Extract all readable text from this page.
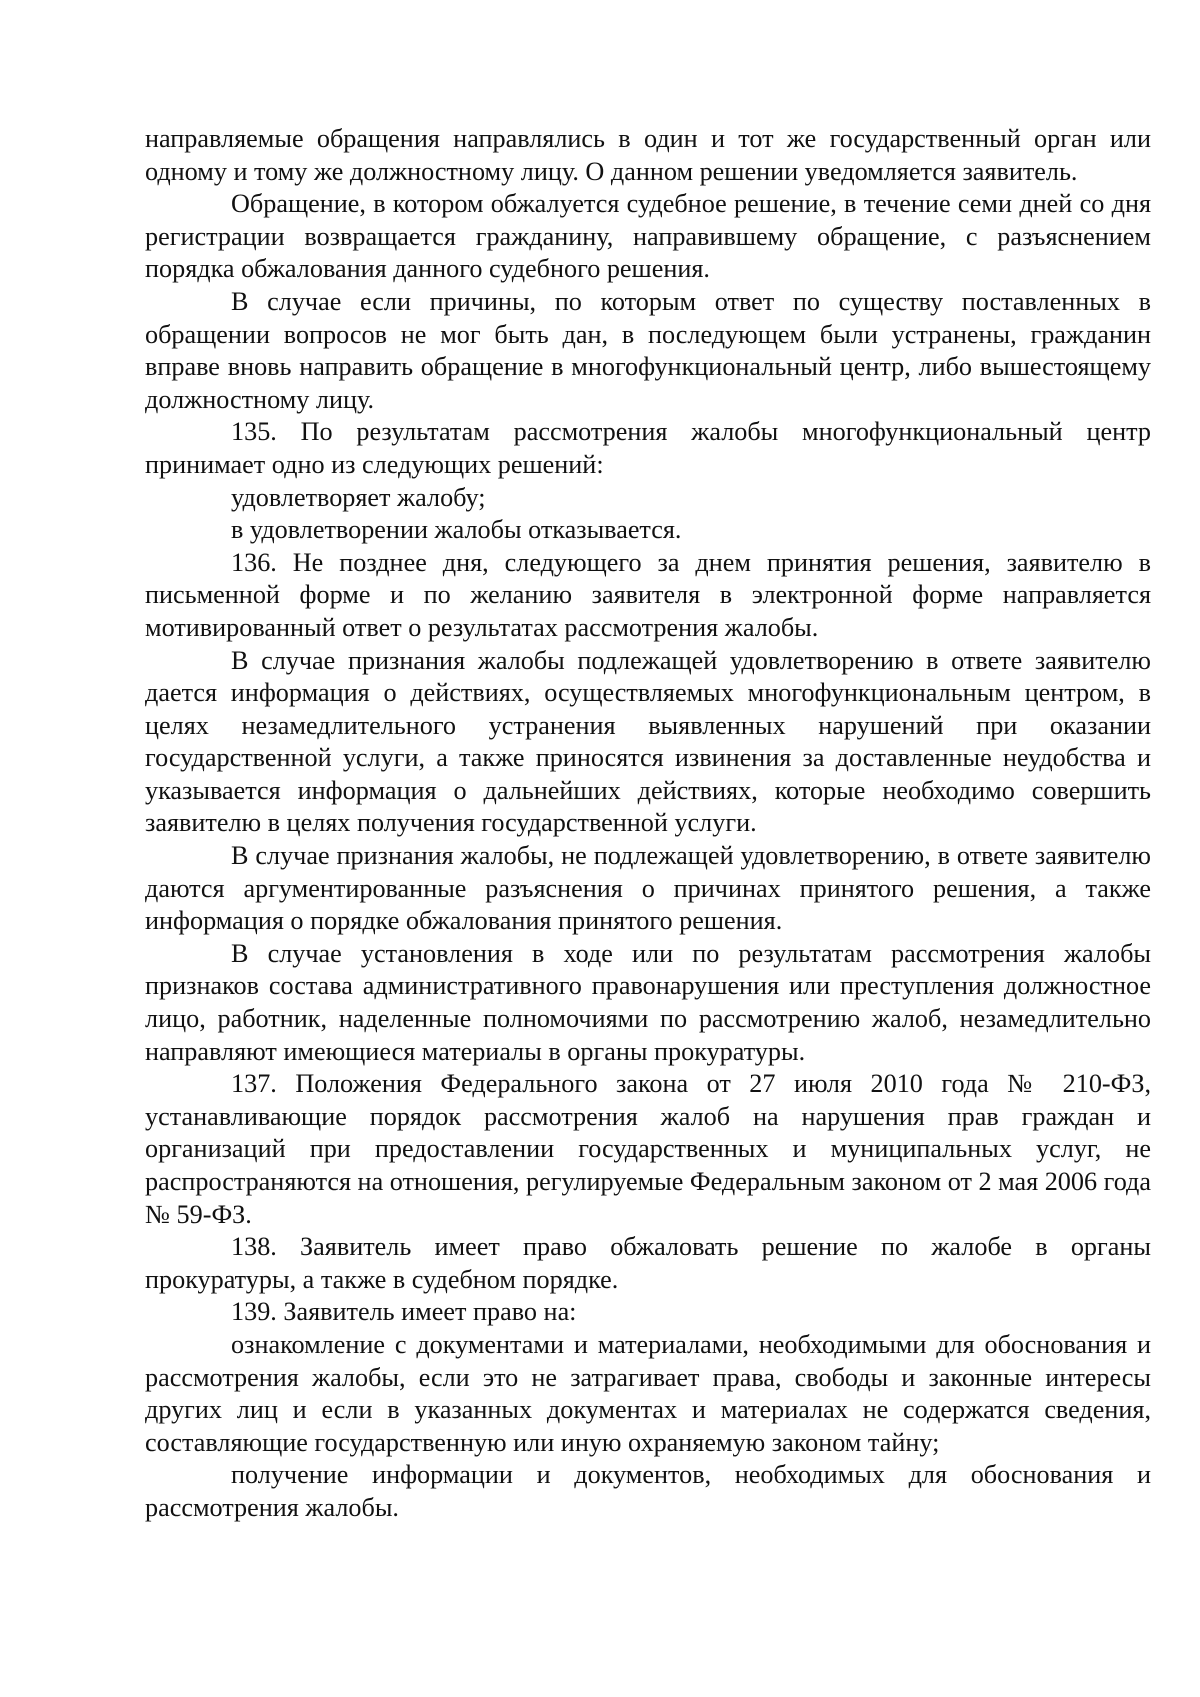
направляемые обращения направлялись в один и тот же государственный орган или одному и тому же должностному лицу. О данном решении уведомляется заявитель.

Обращение, в котором обжалуется судебное решение, в течение семи дней со дня регистрации возвращается гражданину, направившему обращение, с разъяснением порядка обжалования данного судебного решения.

В случае если причины, по которым ответ по существу поставленных в обращении вопросов не мог быть дан, в последующем были устранены, гражданин вправе вновь направить обращение в многофункциональный центр, либо вышестоящему должностному лицу.

135. По результатам рассмотрения жалобы многофункциональный центр принимает одно из следующих решений:

удовлетворяет жалобу;

в удовлетворении жалобы отказывается.

136. Не позднее дня, следующего за днем принятия решения, заявителю в письменной форме и по желанию заявителя в электронной форме направляется мотивированный ответ о результатах рассмотрения жалобы.

В случае признания жалобы подлежащей удовлетворению в ответе заявителю дается информация о действиях, осуществляемых многофункциональным центром, в целях незамедлительного устранения выявленных нарушений при оказании государственной услуги, а также приносятся извинения за доставленные неудобства и указывается информация о дальнейших действиях, которые необходимо совершить заявителю в целях получения государственной услуги.

В случае признания жалобы, не подлежащей удовлетворению, в ответе заявителю даются аргументированные разъяснения о причинах принятого решения, а также информация о порядке обжалования принятого решения.

В случае установления в ходе или по результатам рассмотрения жалобы признаков состава административного правонарушения или преступления должностное лицо, работник, наделенные полномочиями по рассмотрению жалоб, незамедлительно направляют имеющиеся материалы в органы прокуратуры.

137. Положения Федерального закона от 27 июля 2010 года № 210-ФЗ, устанавливающие порядок рассмотрения жалоб на нарушения прав граждан и организаций при предоставлении государственных и муниципальных услуг, не распространяются на отношения, регулируемые Федеральным законом от 2 мая 2006 года № 59-ФЗ.

138. Заявитель имеет право обжаловать решение по жалобе в органы прокуратуры, а также в судебном порядке.

139. Заявитель имеет право на:

ознакомление с документами и материалами, необходимыми для обоснования и рассмотрения жалобы, если это не затрагивает права, свободы и законные интересы других лиц и если в указанных документах и материалах не содержатся сведения, составляющие государственную или иную охраняемую законом тайну;

получение информации и документов, необходимых для обоснования и рассмотрения жалобы.
